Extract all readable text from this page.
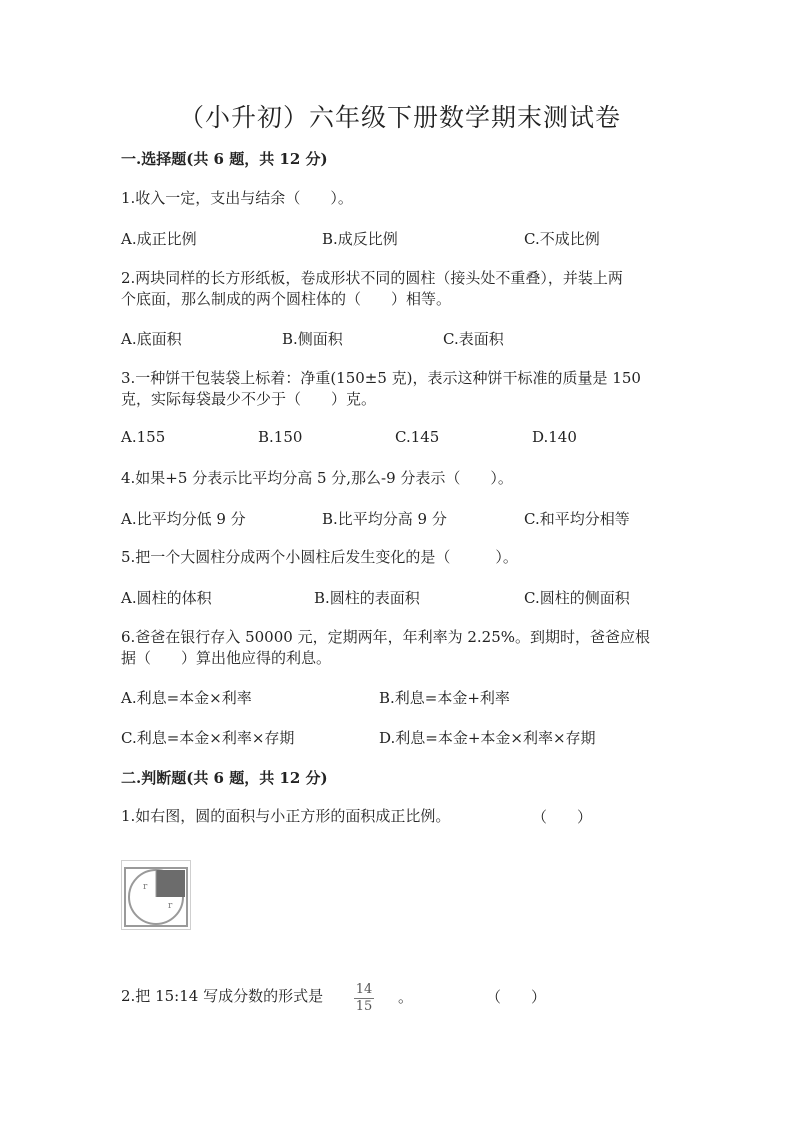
（小升初）六年级下册数学期末测试卷
一.选择题(共 6 题，共 12 分)
1.收入一定，支出与结余（　　）。
A.成正比例	B.成反比例	C.不成比例
2.两块同样的长方形纸板，卷成形状不同的圆柱（接头处不重叠），并装上两
个底面，那么制成的两个圆柱体的（　　）相等。
A.底面积	B.侧面积	C.表面积
3.一种饼干包装袋上标着：净重(150±5 克)，表示这种饼干标准的质量是 150
克，实际每袋最少不少于（　　）克。
A.155	B.150	C.145	D.140
4.如果+5 分表示比平均分高 5 分,那么-9 分表示（　　）。
A.比平均分低 9 分	B.比平均分高 9 分	C.和平均分相等
5.把一个大圆柱分成两个小圆柱后发生变化的是（　　　）。
A.圆柱的体积	B.圆柱的表面积	C.圆柱的侧面积
6.爸爸在银行存入 50000 元，定期两年，年利率为 2.25%。到期时，爸爸应根
据（　　）算出他应得的利息。
A.利息=本金×利率	B.利息=本金+利率
C.利息=本金×利率×存期	D.利息=本金+本金×利率×存期
二.判断题(共 6 题，共 12 分)
1.如右图，圆的面积与小正方形的面积成正比例。	（　　）
r
r
2.把 15:14 写成分数的形式是	14
15
。	（　　）
